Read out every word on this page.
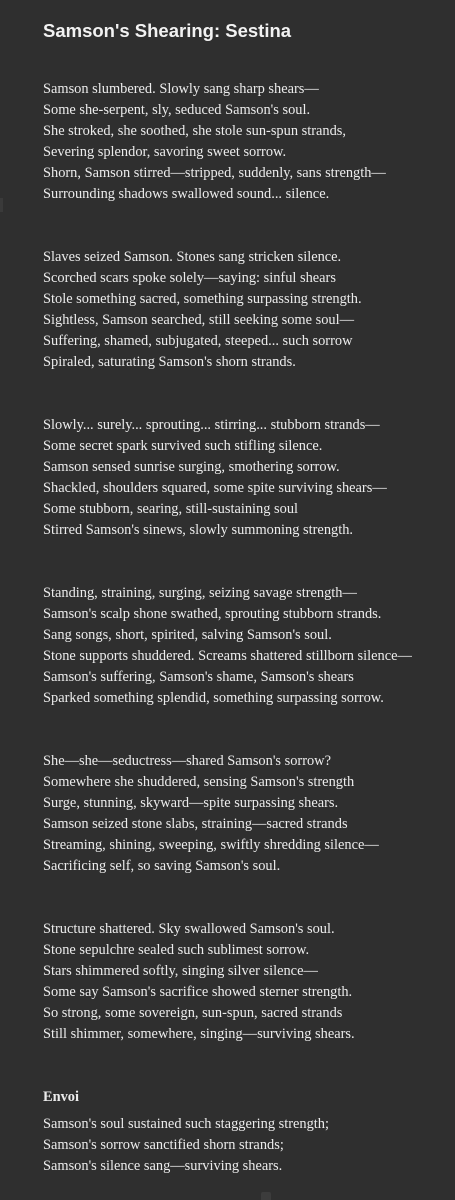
Samson's Shearing: Sestina
Samson slumbered. Slowly sang sharp shears—
Some she-serpent, sly, seduced Samson's soul.
She stroked, she soothed, she stole sun-spun strands,
Severing splendor, savoring sweet sorrow.
Shorn, Samson stirred—stripped, suddenly, sans strength—
Surrounding shadows swallowed sound... silence.
Slaves seized Samson. Stones sang stricken silence.
Scorched scars spoke solely—saying: sinful shears
Stole something sacred, something surpassing strength.
Sightless, Samson searched, still seeking some soul—
Suffering, shamed, subjugated, steeped... such sorrow
Spiraled, saturating Samson's shorn strands.
Slowly... surely... sprouting... stirring... stubborn strands—
Some secret spark survived such stifling silence.
Samson sensed sunrise surging, smothering sorrow.
Shackled, shoulders squared, some spite surviving shears—
Some stubborn, searing, still-sustaining soul
Stirred Samson's sinews, slowly summoning strength.
Standing, straining, surging, seizing savage strength—
Samson's scalp shone swathed, sprouting stubborn strands.
Sang songs, short, spirited, salving Samson's soul.
Stone supports shuddered. Screams shattered stillborn silence—
Samson's suffering, Samson's shame, Samson's shears
Sparked something splendid, something surpassing sorrow.
She—she—seductress—shared Samson's sorrow?
Somewhere she shuddered, sensing Samson's strength
Surge, stunning, skyward—spite surpassing shears.
Samson seized stone slabs, straining—sacred strands
Streaming, shining, sweeping, swiftly shredding silence—
Sacrificing self, so saving Samson's soul.
Structure shattered. Sky swallowed Samson's soul.
Stone sepulchre sealed such sublimest sorrow.
Stars shimmered softly, singing silver silence—
Some say Samson's sacrifice showed sterner strength.
So strong, some sovereign, sun-spun, sacred strands
Still shimmer, somewhere, singing—surviving shears.
Envoi
Samson's soul sustained such staggering strength;
Samson's sorrow sanctified shorn strands;
Samson's silence sang—surviving shears.
